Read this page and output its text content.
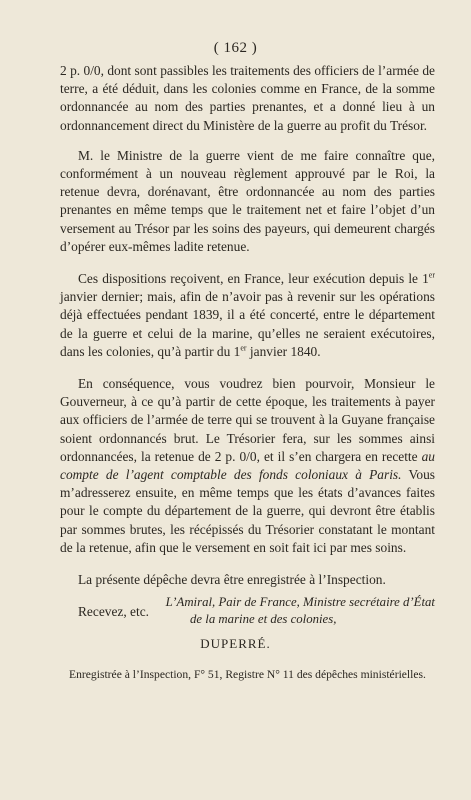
( 162 )

2 p. 0/0, dont sont passibles les traitements des officiers de l’armée de terre, a été déduit, dans les colonies comme en France, de la somme ordonnancée au nom des parties prenantes, et a donné lieu à un ordonnancement direct du Ministère de la guerre au profit du Trésor.

M. le Ministre de la guerre vient de me faire connaître que, conformément à un nouveau règlement approuvé par le Roi, la retenue devra, dorénavant, être ordonnancée au nom des parties prenantes en même temps que le traitement net et faire l’objet d’un versement au Trésor par les soins des payeurs, qui demeurent chargés d’opérer eux-mêmes ladite retenue.

Ces dispositions reçoivent, en France, leur exécution depuis le 1er janvier dernier; mais, afin de n’avoir pas à revenir sur les opérations déjà effectuées pendant 1839, il a été concerté, entre le département de la guerre et celui de la marine, qu’elles ne seraient exécutoires, dans les colonies, qu’à partir du 1er janvier 1840.

En conséquence, vous voudrez bien pourvoir, Monsieur le Gouverneur, à ce qu’à partir de cette époque, les traitements à payer aux officiers de l’armée de terre qui se trouvent à la Guyane française soient ordonnancés brut. Le Trésorier fera, sur les sommes ainsi ordonnancées, la retenue de 2 p. 0/0, et il s’en chargera en recette au compte de l’agent comptable des fonds coloniaux à Paris. Vous m’adresserez ensuite, en même temps que les états d’avances faites pour le compte du département de la guerre, qui devront être établis par sommes brutes, les récépissés du Trésorier constatant le montant de la retenue, afin que le versement en soit fait ici par mes soins.

La présente dépêche devra être enregistrée à l’Inspection.

Recevez, etc.

L’Amiral, Pair de France, Ministre secrétaire d’État
de la marine et des colonies,
DUPERRÉ.
Enregistrée à l’Inspection, F° 51, Registre N° 11 des dépêches ministérielles.
